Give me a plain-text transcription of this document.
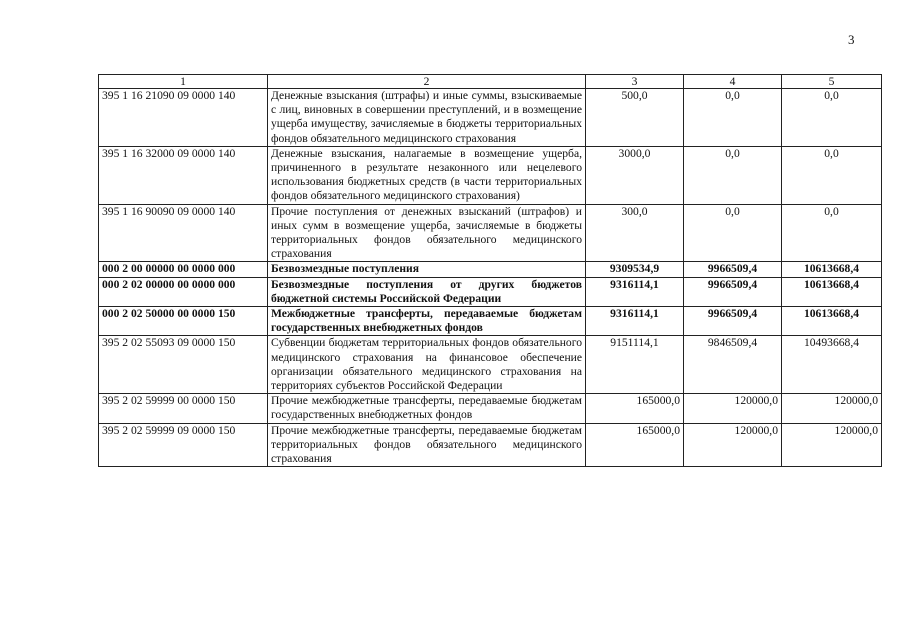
3
1	2	3	4	5
395 1 16 21090 09 0000 140	Денежные взыскания (штрафы) и иные суммы, взыскиваемые с лиц, виновных в совершении преступлений, и в возмещение ущерба имуществу, зачисляемые в бюджеты территориальных фондов обязательного медицинского страхования	500,0	0,0	0,0
395 1 16 32000 09 0000 140	Денежные взыскания, налагаемые в возмещение ущерба, причиненного в результате незаконного или нецелевого использования бюджетных средств (в части территориальных фондов обязательного медицинского страхования)	3000,0	0,0	0,0
395 1 16 90090 09 0000 140	Прочие поступления от денежных взысканий (штрафов) и иных сумм в возмещение ущерба, зачисляемые в бюджеты территориальных фондов обязательного медицинского страхования	300,0	0,0	0,0
000 2 00 00000 00 0000 000	Безвозмездные поступления	9309534,9	9966509,4	10613668,4
000 2 02 00000 00 0000 000	Безвозмездные поступления от других бюджетов бюджетной системы Российской Федерации	9316114,1	9966509,4	10613668,4
000 2 02 50000 00 0000 150	Межбюджетные трансферты, передаваемые бюджетам государственных внебюджетных фондов	9316114,1	9966509,4	10613668,4
395 2 02 55093 09 0000 150	Субвенции бюджетам территориальных фондов обязательного медицинского страхования на финансовое обеспечение организации обязательного медицинского страхования на территориях субъектов Российской Федерации	9151114,1	9846509,4	10493668,4
395 2 02 59999 00 0000 150	Прочие межбюджетные трансферты, передаваемые бюджетам государственных внебюджетных фондов	165000,0	120000,0	120000,0
395 2 02 59999 09 0000 150	Прочие межбюджетные трансферты, передаваемые бюджетам территориальных фондов обязательного медицинского страхования	165000,0	120000,0	120000,0
